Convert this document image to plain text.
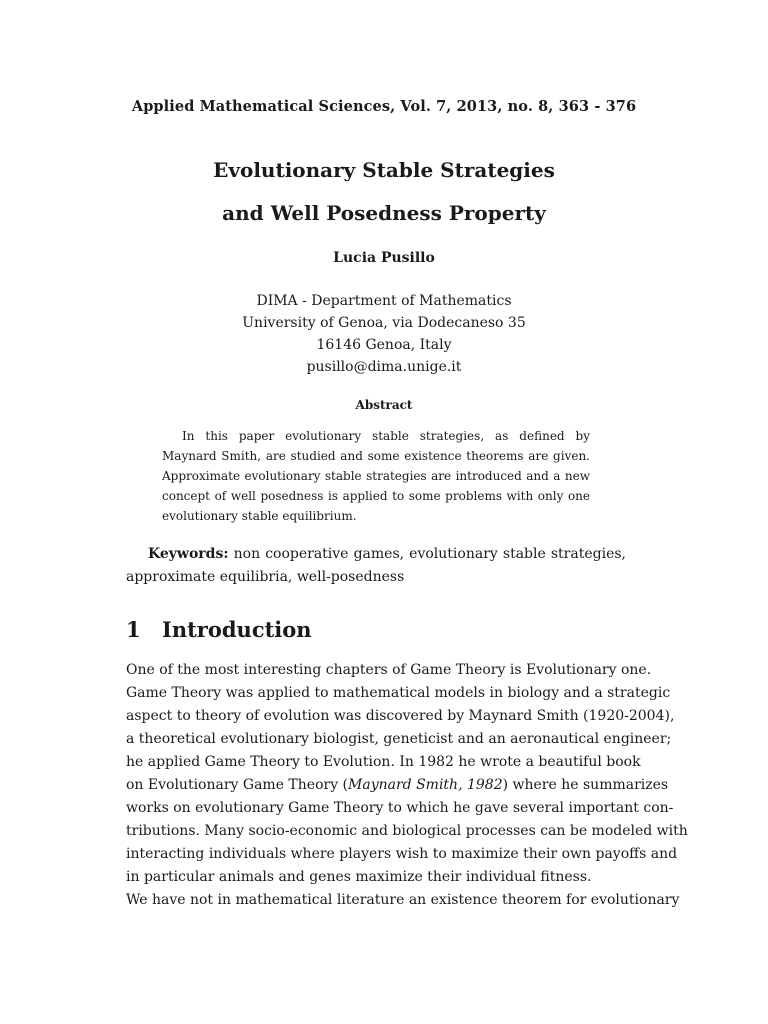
Applied Mathematical Sciences, Vol. 7, 2013, no. 8, 363 - 376
Evolutionary Stable Strategies
and Well Posedness Property
Lucia Pusillo
DIMA - Department of Mathematics
University of Genoa, via Dodecaneso 35
16146 Genoa, Italy
pusillo@dima.unige.it
Abstract
In this paper evolutionary stable strategies, as defined by Maynard Smith, are studied and some existence theorems are given. Approximate evolutionary stable strategies are introduced and a new concept of well posedness is applied to some problems with only one evolutionary stable equilibrium.
Keywords: non cooperative games, evolutionary stable strategies, approximate equilibria, well-posedness
1 Introduction
One of the most interesting chapters of Game Theory is Evolutionary one.
Game Theory was applied to mathematical models in biology and a strategic
aspect to theory of evolution was discovered by Maynard Smith (1920-2004),
a theoretical evolutionary biologist, geneticist and an aeronautical engineer;
he applied Game Theory to Evolution. In 1982 he wrote a beautiful book
on Evolutionary Game Theory (Maynard Smith, 1982) where he summarizes
works on evolutionary Game Theory to which he gave several important con-
tributions. Many socio-economic and biological processes can be modeled with
interacting individuals where players wish to maximize their own payoffs and
in particular animals and genes maximize their individual fitness.
We have not in mathematical literature an existence theorem for evolutionary
